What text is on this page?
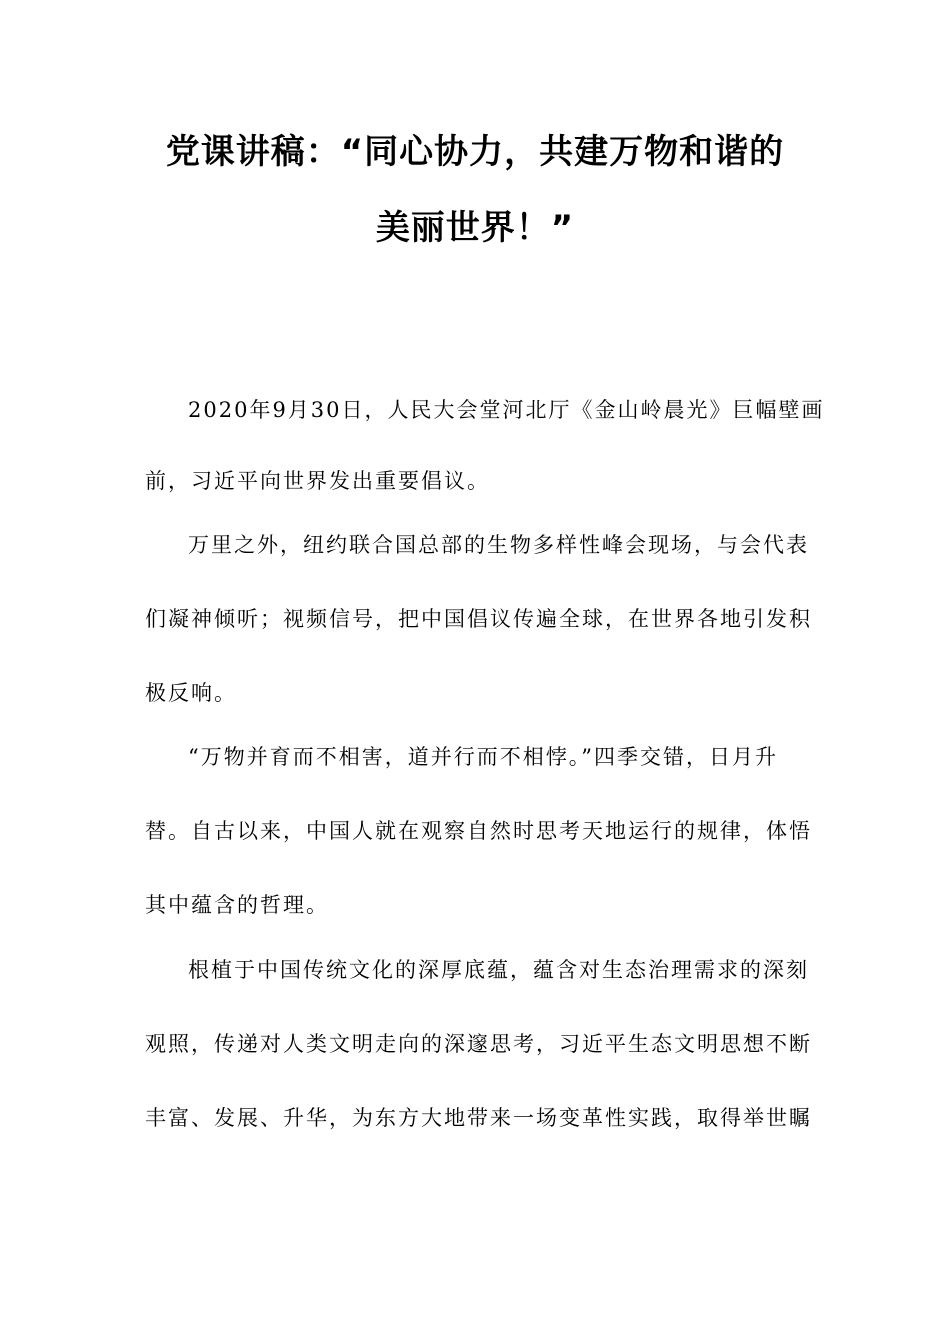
党课讲稿：“同心协力，共建万物和谐的
美丽世界！”
2020年9月30日，人民大会堂河北厅《金山岭晨光》巨幅壁画
前，习近平向世界发出重要倡议。
万里之外，纽约联合国总部的生物多样性峰会现场，与会代表
们凝神倾听；视频信号，把中国倡议传遍全球，在世界各地引发积
极反响。
“万物并育而不相害，道并行而不相悖。”四季交错，日月升
替。自古以来，中国人就在观察自然时思考天地运行的规律，体悟
其中蕴含的哲理。
根植于中国传统文化的深厚底蕴，蕴含对生态治理需求的深刻
观照，传递对人类文明走向的深邃思考，习近平生态文明思想不断
丰富、发展、升华，为东方大地带来一场变革性实践，取得举世瞩
